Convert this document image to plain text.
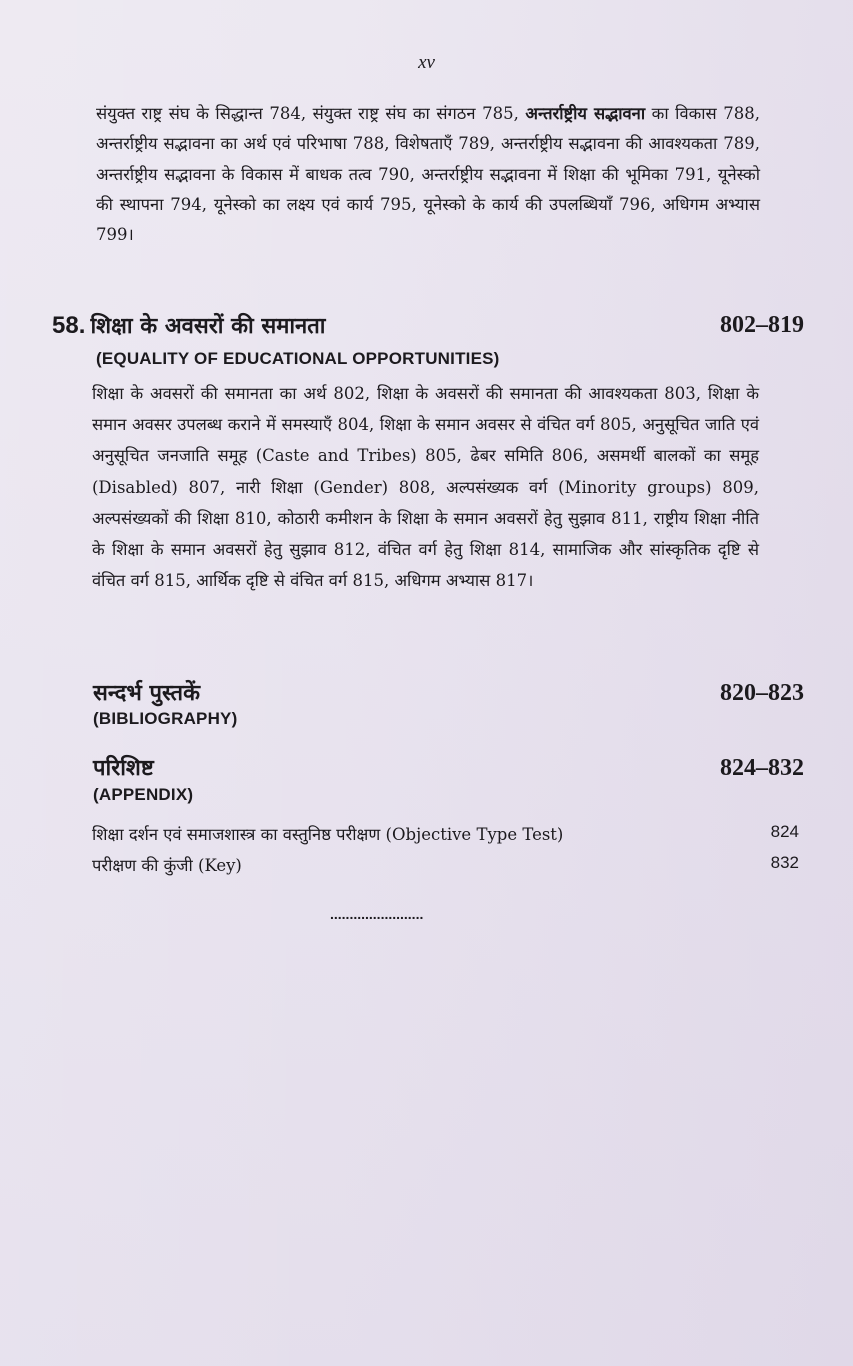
xv

संयुक्त राष्ट्र संघ के सिद्धान्त 784, संयुक्त राष्ट्र संघ का संगठन 785, अन्तर्राष्ट्रीय सद्भावना का विकास 788, अन्तर्राष्ट्रीय सद्भावना का अर्थ एवं परिभाषा 788, विशेषताएँ 789, अन्तर्राष्ट्रीय सद्भावना की आवश्यकता 789, अन्तर्राष्ट्रीय सद्भावना के विकास में बाधक तत्व 790, अन्तर्राष्ट्रीय सद्भावना में शिक्षा की भूमिका 791, यूनेस्को की स्थापना 794, यूनेस्को का लक्ष्य एवं कार्य 795, यूनेस्को के कार्य की उपलब्धियाँ 796, अधिगम अभ्यास 799।

58. शिक्षा के अवसरों की समानता	802–819
(EQUALITY OF EDUCATIONAL OPPORTUNITIES)

शिक्षा के अवसरों की समानता का अर्थ 802, शिक्षा के अवसरों की समानता की आवश्यकता 803, शिक्षा के समान अवसर उपलब्ध कराने में समस्याएँ 804, शिक्षा के समान अवसर से वंचित वर्ग 805, अनुसूचित जाति एवं अनुसूचित जनजाति समूह (Caste and Tribes) 805, ढेबर समिति 806, असमर्थी बालकों का समूह (Disabled) 807, नारी शिक्षा (Gender) 808, अल्पसंख्यक वर्ग (Minority groups) 809, अल्पसंख्यकों की शिक्षा 810, कोठारी कमीशन के शिक्षा के समान अवसरों हेतु सुझाव 811, राष्ट्रीय शिक्षा नीति के शिक्षा के समान अवसरों हेतु सुझाव 812, वंचित वर्ग हेतु शिक्षा 814, सामाजिक और सांस्कृतिक दृष्टि से वंचित वर्ग 815, आर्थिक दृष्टि से वंचित वर्ग 815, अधिगम अभ्यास 817।

सन्दर्भ पुस्तकें	820–823
(BIBLIOGRAPHY)
परिशिष्ट	824–832
(APPENDIX)
शिक्षा दर्शन एवं समाजशास्त्र का वस्तुनिष्ठ परीक्षण (Objective Type Test)	824
परीक्षण की कुंजी (Key)	832
........................
